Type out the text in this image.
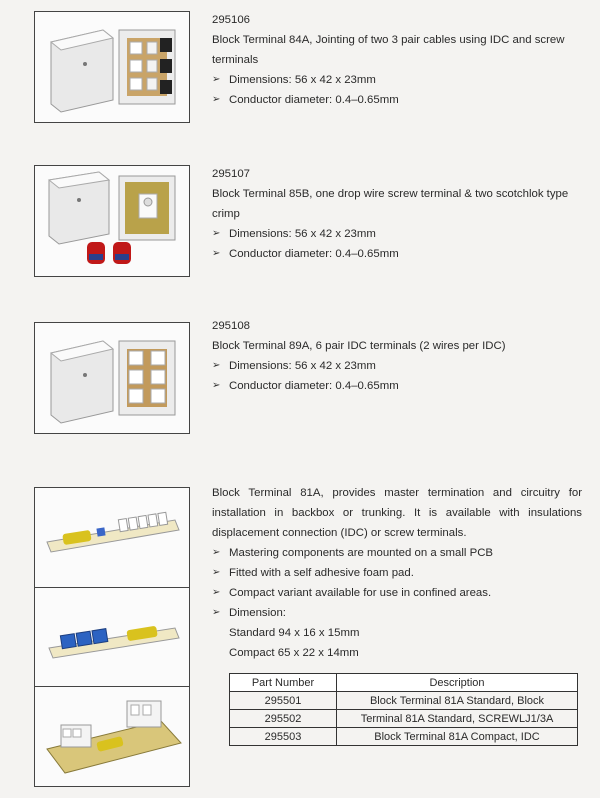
295106

Block Terminal 84A, Jointing of two 3 pair cables using IDC and screw terminals

➢ Dimensions: 56 x 42 x 23mm

➢ Conductor diameter: 0.4–0.65mm

295107

Block Terminal 85B, one drop wire screw terminal & two scotchlok type crimp

➢ Dimensions: 56 x 42 x 23mm

➢ Conductor diameter: 0.4–0.65mm

295108

Block Terminal 89A, 6 pair IDC terminals (2 wires per IDC)

➢ Dimensions: 56 x 42 x 23mm

➢ Conductor diameter: 0.4–0.65mm

Block Terminal 81A, provides master termination and circuitry for installation in backbox or trunking. It is available with insulations displacement connection (IDC) or screw terminals.

➢ Mastering components are mounted on a small PCB

➢ Fitted with a self adhesive foam pad.

➢ Compact variant available for use in confined areas.

➢ Dimension:

Standard 94 x 16 x 15mm

Compact 65 x 22 x 14mm

Part Number	Description
295501	Block Terminal 81A Standard, Block
295502	Terminal 81A Standard, SCREWLJ1/3A
295503	Block Terminal 81A Compact, IDC
